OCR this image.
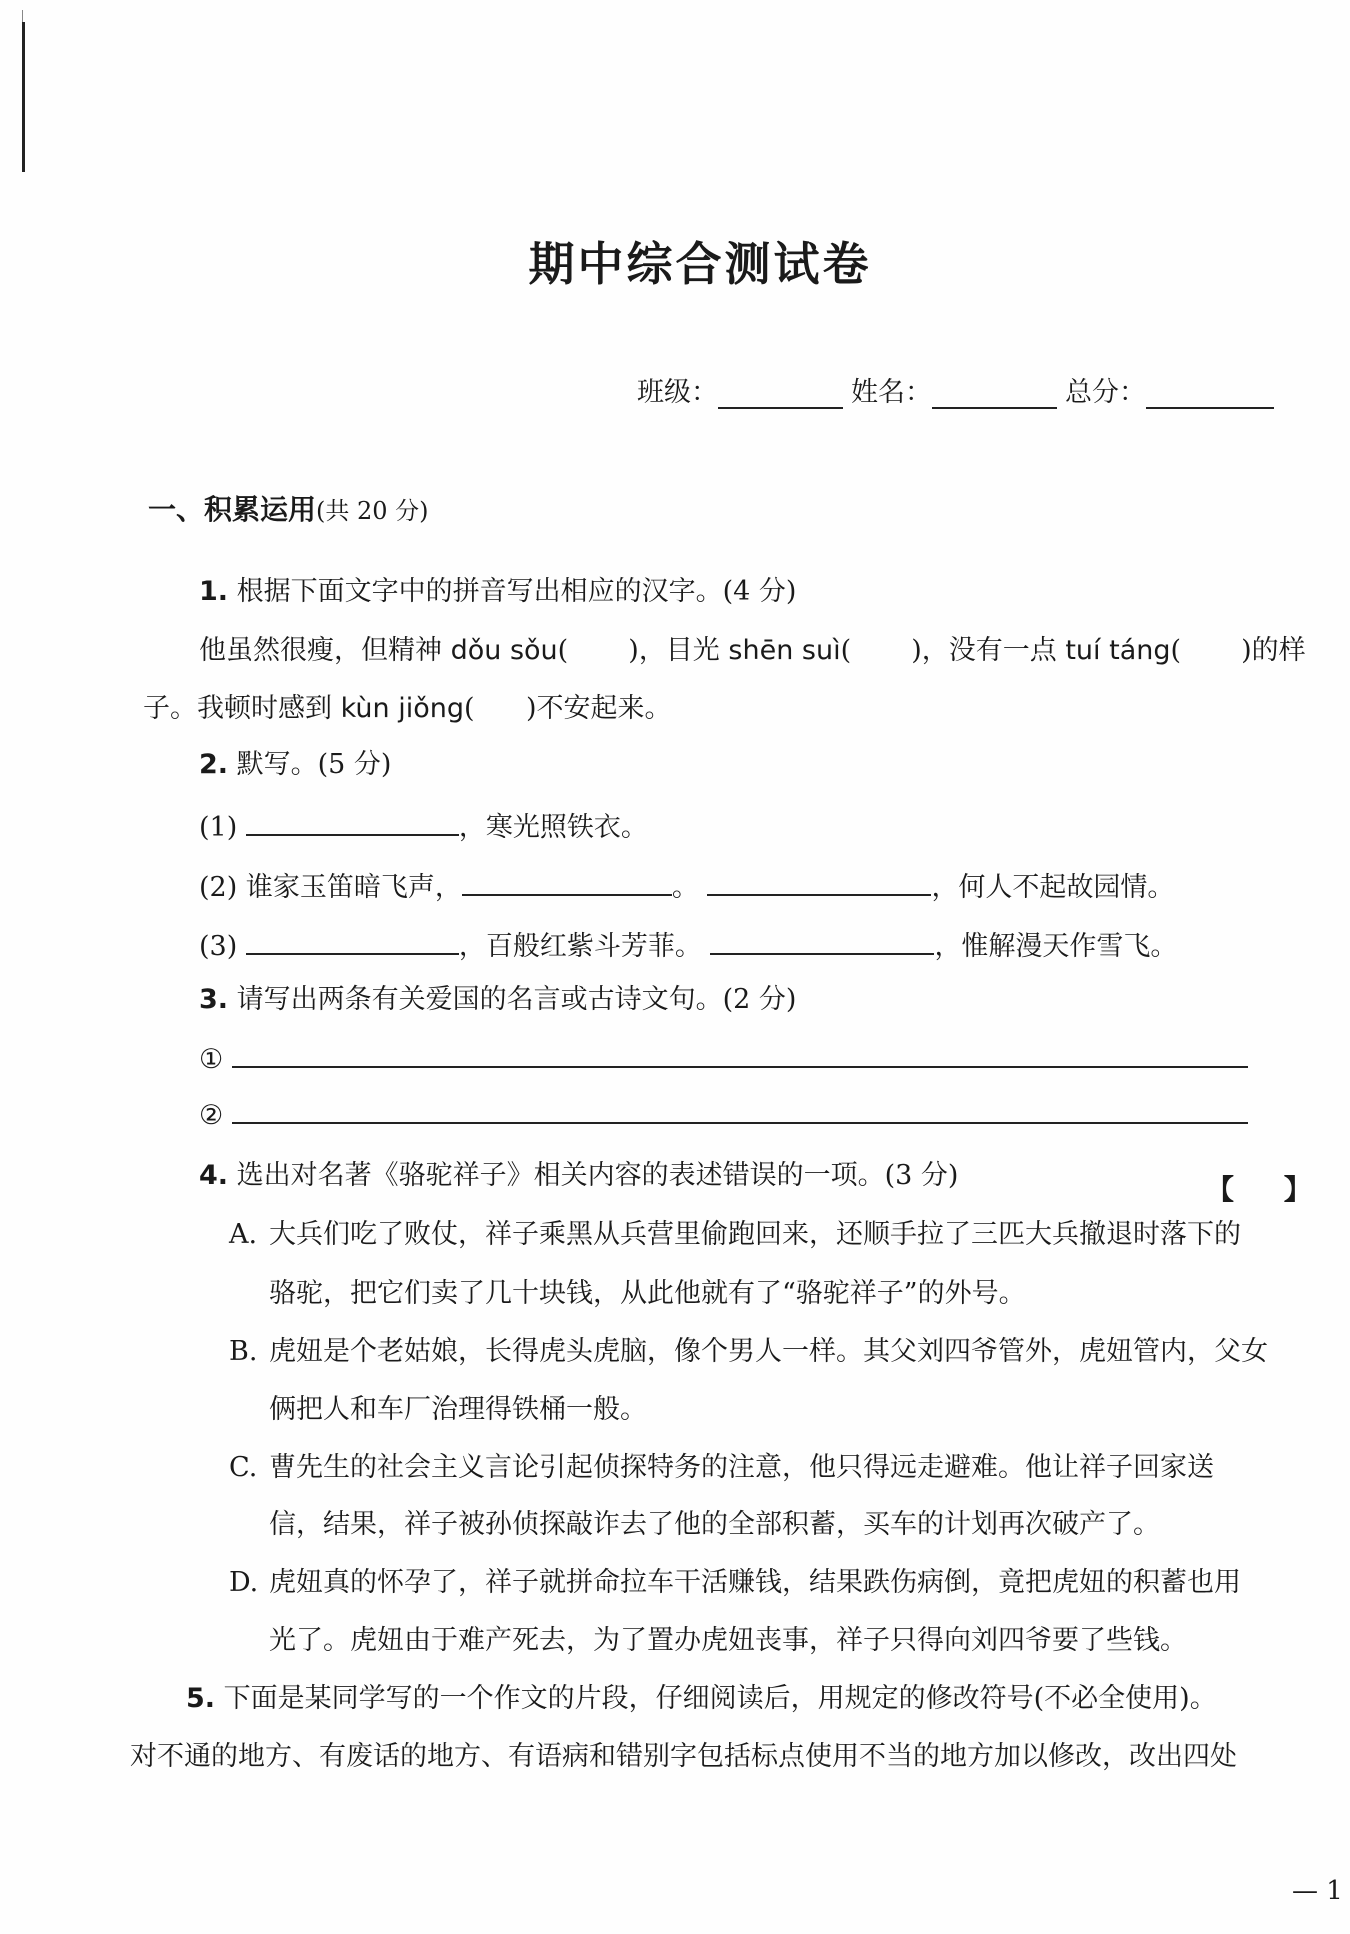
期中综合测试卷
班级：	姓名：	总分：
一、积累运用(共 20 分)
1. 根据下面文字中的拼音写出相应的汉字。(4 分)
他虽然很瘦，但精神 dǒu sǒu(       )，目光 shēn suì(       )，没有一点 tuí táng(       )的样
子。我顿时感到 kùn jiǒng(      )不安起来。
2. 默写。(5 分)
(1)	，寒光照铁衣。
(2) 谁家玉笛暗飞声，	。	，何人不起故园情。
(3)	，百般红紫斗芳菲。	，惟解漫天作雪飞。
3. 请写出两条有关爱国的名言或古诗文句。(2 分)
①
②
4. 选出对名著《骆驼祥子》相关内容的表述错误的一项。(3 分)	【 】
A. 大兵们吃了败仗，祥子乘黑从兵营里偷跑回来，还顺手拉了三匹大兵撤退时落下的
骆驼，把它们卖了几十块钱，从此他就有了“骆驼祥子”的外号。
B. 虎妞是个老姑娘，长得虎头虎脑，像个男人一样。其父刘四爷管外，虎妞管内，父女
俩把人和车厂治理得铁桶一般。
C. 曹先生的社会主义言论引起侦探特务的注意，他只得远走避难。他让祥子回家送
信，结果，祥子被孙侦探敲诈去了他的全部积蓄，买车的计划再次破产了。
D. 虎妞真的怀孕了，祥子就拼命拉车干活赚钱，结果跌伤病倒，竟把虎妞的积蓄也用
光了。虎妞由于难产死去，为了置办虎妞丧事，祥子只得向刘四爷要了些钱。
5. 下面是某同学写的一个作文的片段，仔细阅读后，用规定的修改符号(不必全使用)。
对不通的地方、有废话的地方、有语病和错别字包括标点使用不当的地方加以修改，改出四处
— 1
